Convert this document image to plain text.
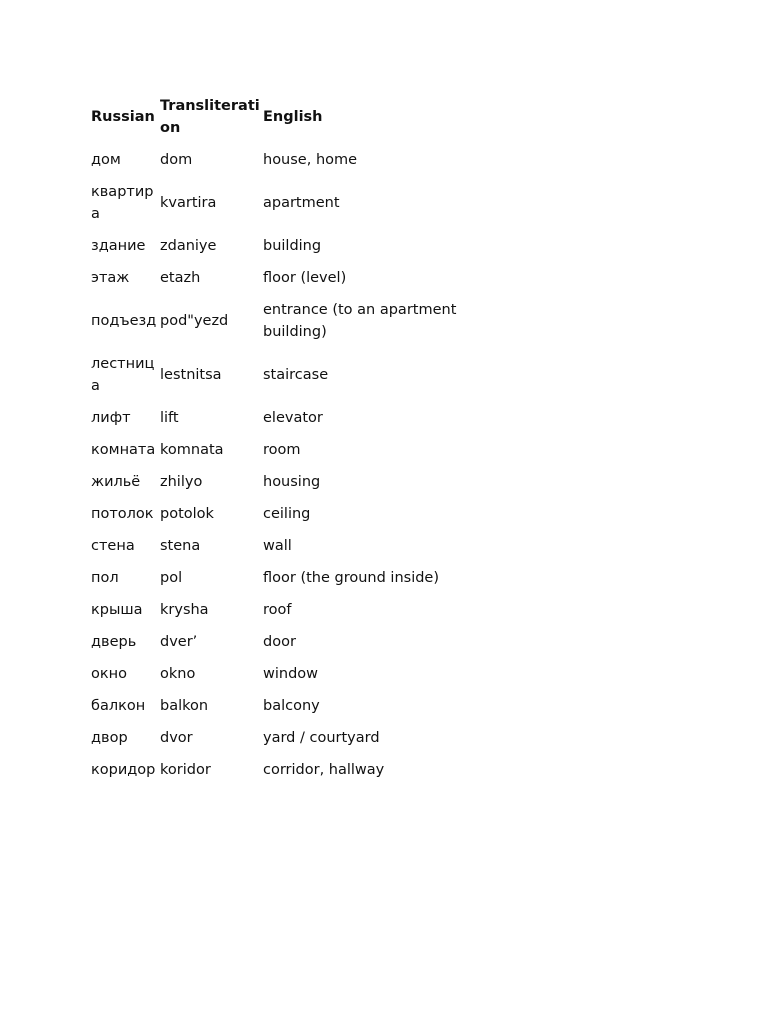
Russian	Transliteration	English
дом	dom	house, home
квартира	kvartira	apartment
здание	zdaniye	building
этаж	etazh	floor (level)
подъезд	pod"yezd	entrance (to an apartment building)
лестница	lestnitsa	staircase
лифт	lift	elevator
комната	komnata	room
жильё	zhilyo	housing
потолок	potolok	ceiling
стена	stena	wall
пол	pol	floor (the ground inside)
крыша	krysha	roof
дверь	dver’	door
окно	okno	window
балкон	balkon	balcony
двор	dvor	yard / courtyard
коридор	koridor	corridor, hallway
